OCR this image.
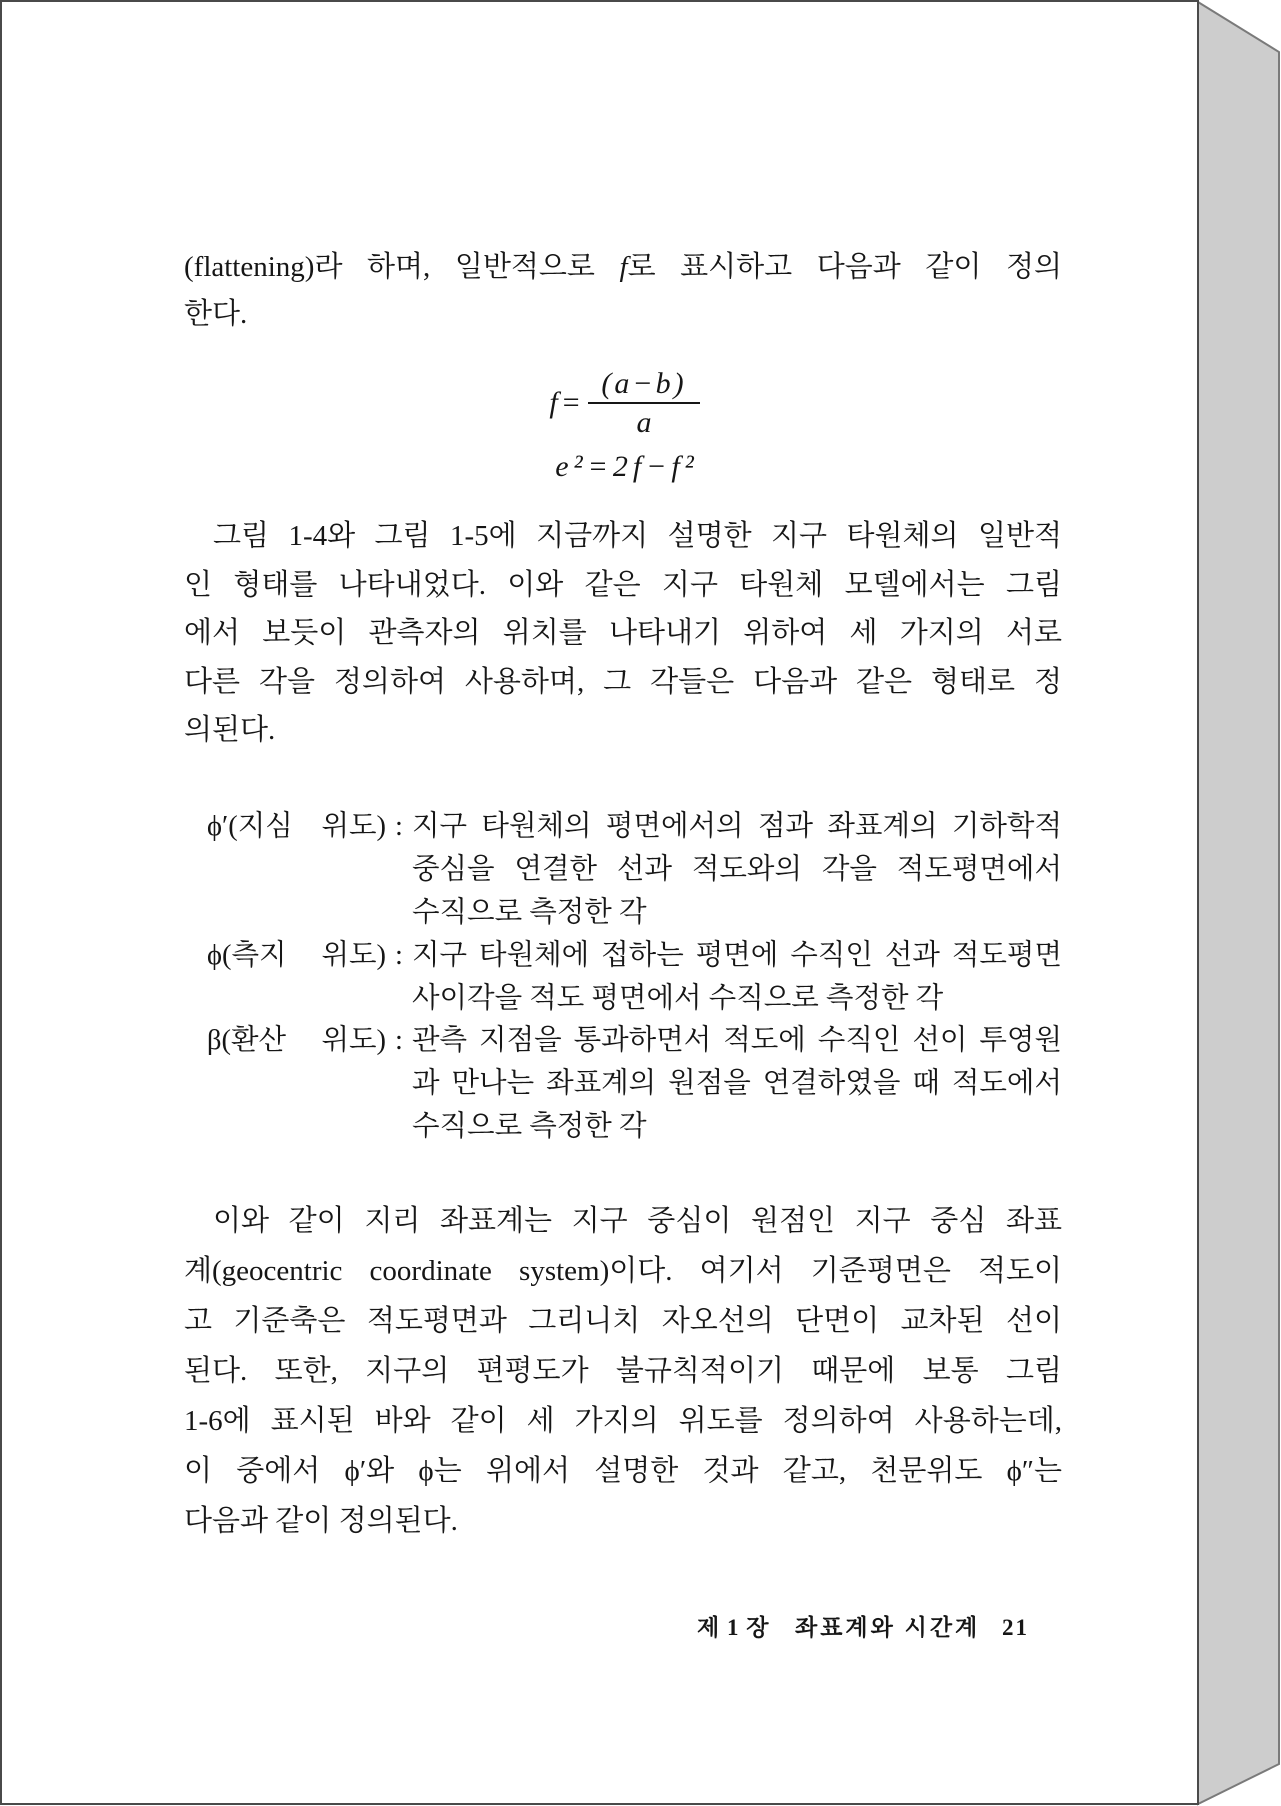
(flattening)라 하며, 일반적으로 f로 표시하고 다음과 같이 정의
한다.
f=
(a−b)
a
e²=2f−f²
그림 1-4와 그림 1-5에 지금까지 설명한 지구 타원체의 일반적
인 형태를 나타내었다. 이와 같은 지구 타원체 모델에서는 그림
에서 보듯이 관측자의 위치를 나타내기 위하여 세 가지의 서로
다른 각을 정의하여 사용하며, 그 각들은 다음과 같은 형태로 정
의된다.
ϕ′(지심 위도) : 지구 타원체의 평면에서의 점과 좌표계의 기하학적
중심을 연결한 선과 적도와의 각을 적도평면에서
수직으로 측정한 각
ϕ(측지 위도) : 지구 타원체에 접하는 평면에 수직인 선과 적도평면
사이각을 적도 평면에서 수직으로 측정한 각
β(환산 위도) : 관측 지점을 통과하면서 적도에 수직인 선이 투영원
과 만나는 좌표계의 원점을 연결하였을 때 적도에서
수직으로 측정한 각
이와 같이 지리 좌표계는 지구 중심이 원점인 지구 중심 좌표
계(geocentric coordinate system)이다. 여기서 기준평면은 적도이
고 기준축은 적도평면과 그리니치 자오선의 단면이 교차된 선이
된다. 또한, 지구의 편평도가 불규칙적이기 때문에 보통 그림
1-6에 표시된 바와 같이 세 가지의 위도를 정의하여 사용하는데,
이 중에서 ϕ′와 ϕ는 위에서 설명한 것과 같고, 천문위도 ϕ″는
다음과 같이 정의된다.
제 1 장 좌표계와 시간계 21
